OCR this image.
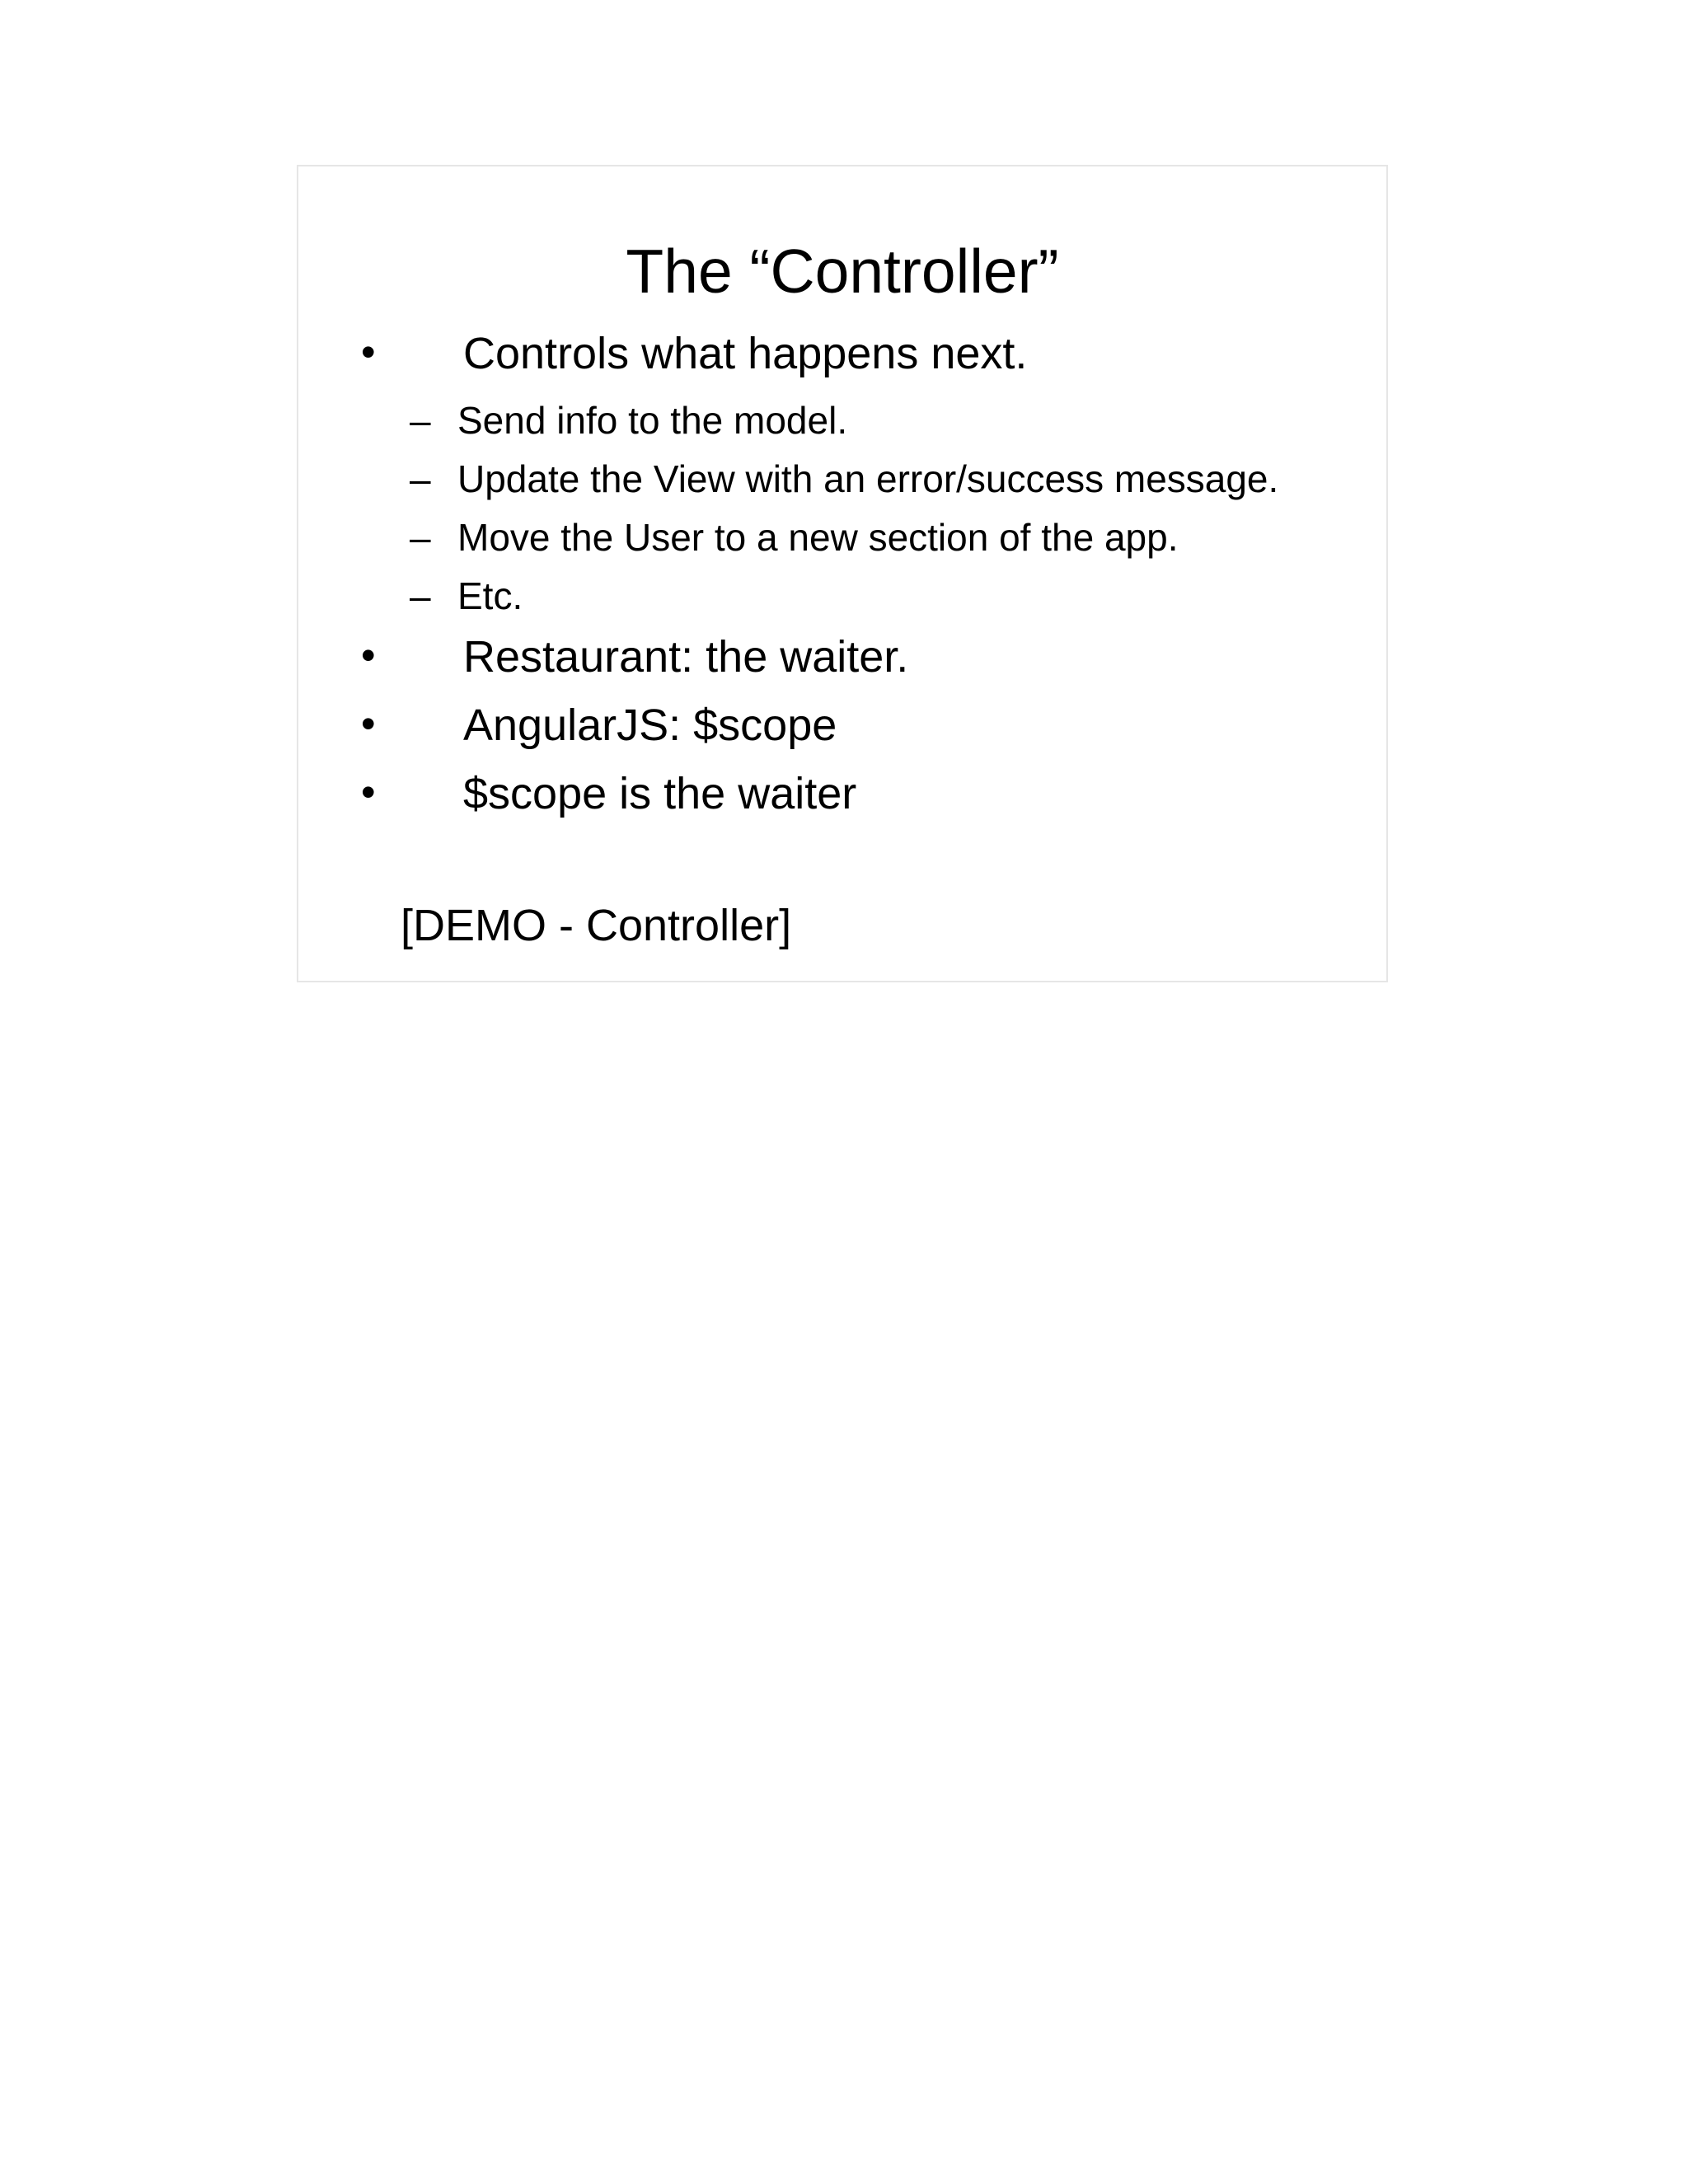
The “Controller”
• Controls what happens next.
– Send info to the model.
– Update the View with an error/success message.
– Move the User to a new section of the app.
– Etc.
• Restaurant: the waiter.
• AngularJS: $scope
• $scope is the waiter
[DEMO - Controller]
